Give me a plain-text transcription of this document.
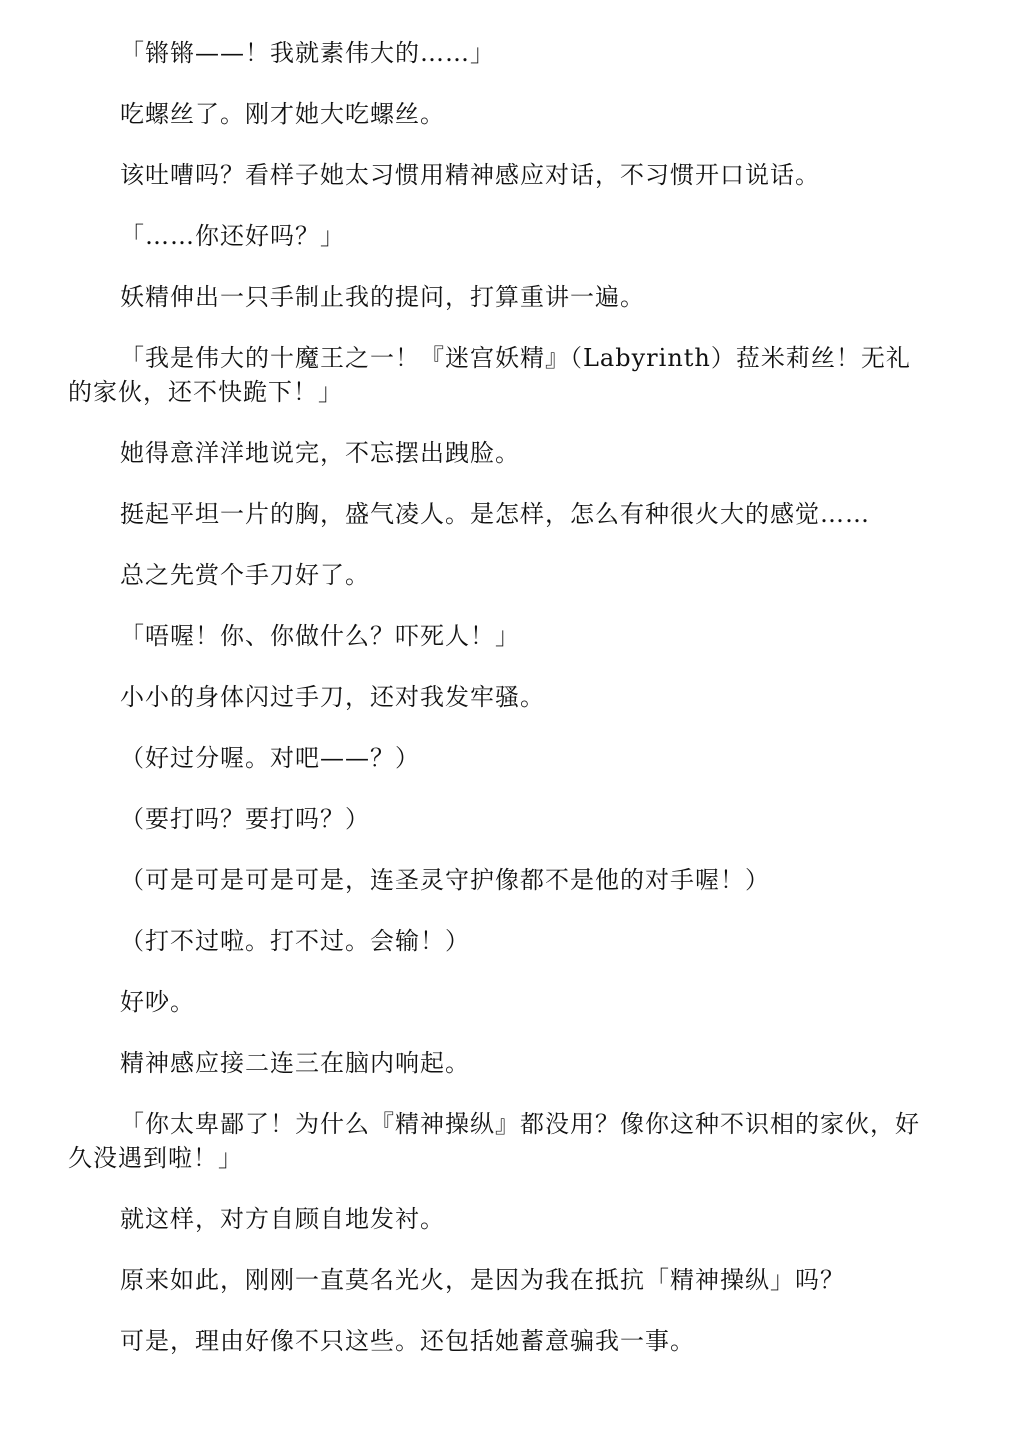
「锵锵——！我就素伟大的……」

吃螺丝了。刚才她大吃螺丝。

该吐嘈吗？看样子她太习惯用精神感应对话，不习惯开口说话。

「……你还好吗？」

妖精伸出一只手制止我的提问，打算重讲一遍。

「我是伟大的十魔王之一！『迷宫妖精』（Labyrinth）菈米莉丝！无礼的家伙，还不快跪下！」

她得意洋洋地说完，不忘摆出跩脸。

挺起平坦一片的胸，盛气凌人。是怎样，怎么有种很火大的感觉……

总之先赏个手刀好了。

「唔喔！你、你做什么？吓死人！」

小小的身体闪过手刀，还对我发牢骚。

（好过分喔。对吧——？）

（要打吗？要打吗？）

（可是可是可是可是，连圣灵守护像都不是他的对手喔！）

（打不过啦。打不过。会输！）

好吵。

精神感应接二连三在脑内响起。

「你太卑鄙了！为什么『精神操纵』都没用？像你这种不识相的家伙，好久没遇到啦！」

就这样，对方自顾自地发衬。

原来如此，刚刚一直莫名光火，是因为我在抵抗「精神操纵」吗？

可是，理由好像不只这些。还包括她蓄意骗我一事。
